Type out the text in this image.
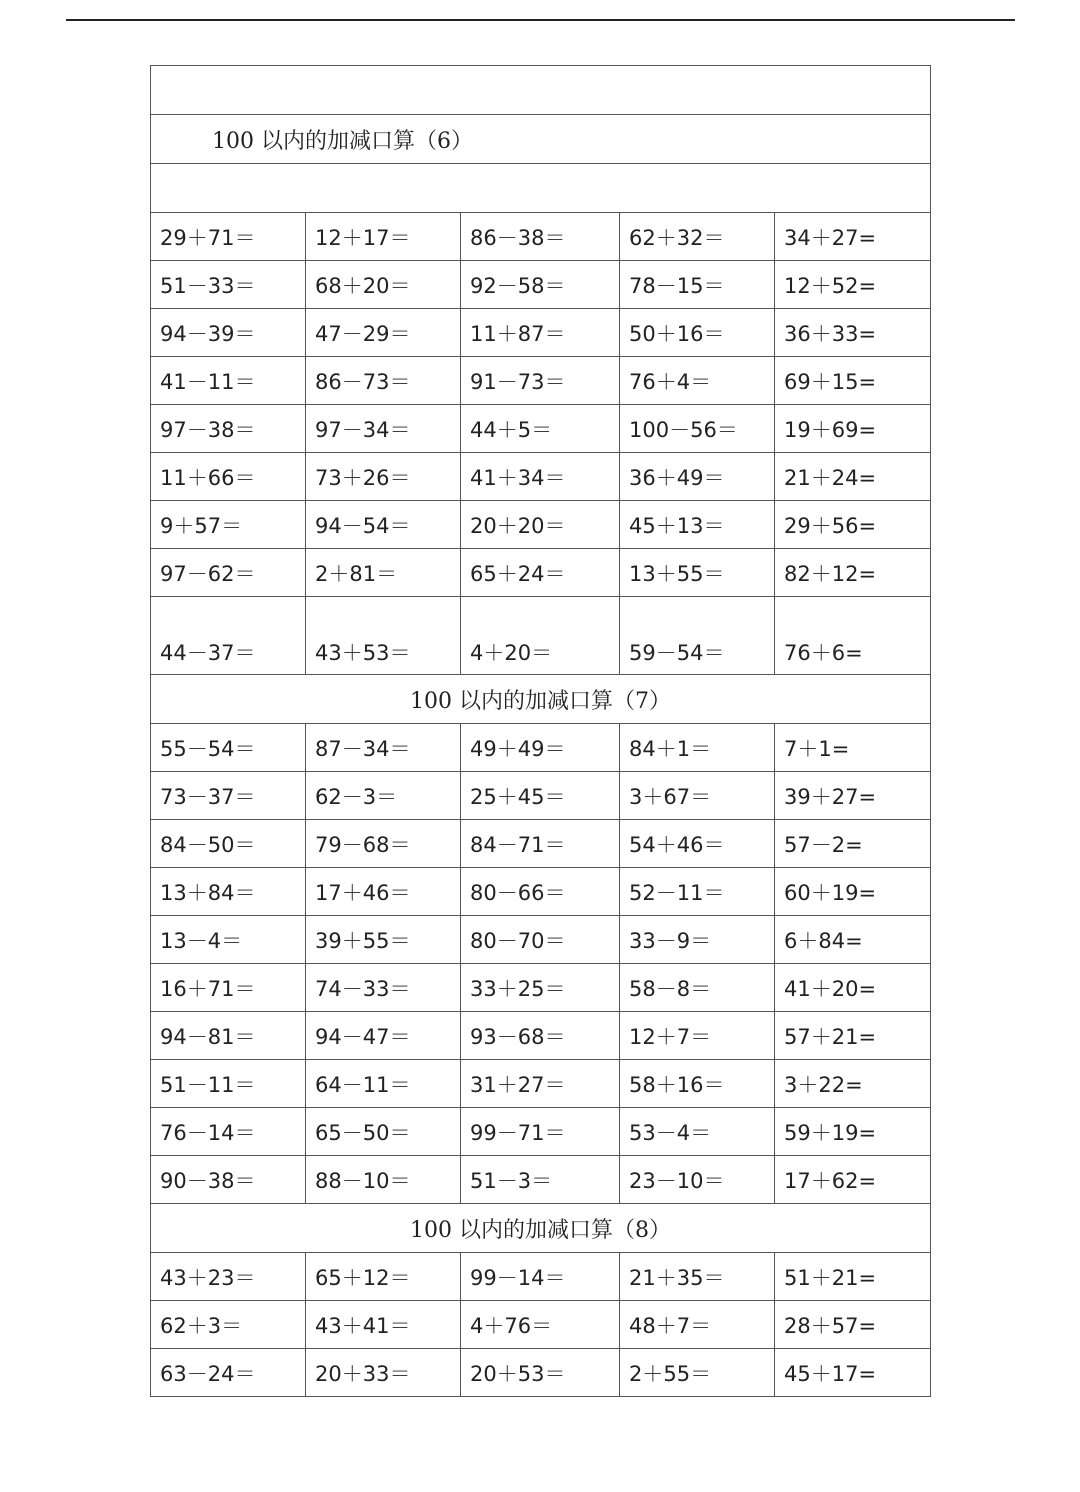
100 以内的加减口算（6）				

29＋71＝	12＋17＝	86－38＝	62＋32＝	34＋27=
51－33＝	68＋20＝	92－58＝	78－15＝	12＋52=
94－39＝	47－29＝	11＋87＝	50＋16＝	36＋33=
41－11＝	86－73＝	91－73＝	76＋4＝	69＋15=
97－38＝	97－34＝	44＋5＝	100－56＝	19＋69=
11＋66＝	73＋26＝	41＋34＝	36＋49＝	21＋24=
9＋57＝	94－54＝	20＋20＝	45＋13＝	29＋56=
97－62＝	2＋81＝	65＋24＝	13＋55＝	82＋12=
44－37＝	43＋53＝	4＋20＝	59－54＝	76＋6=
100 以内的加减口算（7）				
55－54＝	87－34＝	49＋49＝	84＋1＝	7＋1=
73－37＝	62－3＝	25＋45＝	3＋67＝	39＋27=
84－50＝	79－68＝	84－71＝	54＋46＝	57－2=
13＋84＝	17＋46＝	80－66＝	52－11＝	60＋19=
13－4＝	39＋55＝	80－70＝	33－9＝	6＋84=
16＋71＝	74－33＝	33＋25＝	58－8＝	41＋20=
94－81＝	94－47＝	93－68＝	12＋7＝	57＋21=
51－11＝	64－11＝	31＋27＝	58＋16＝	3＋22=
76－14＝	65－50＝	99－71＝	53－4＝	59＋19=
90－38＝	88－10＝	51－3＝	23－10＝	17＋62=
100 以内的加减口算（8）				
43＋23＝	65＋12＝	99－14＝	21＋35＝	51＋21=
62＋3＝	43＋41＝	4＋76＝	48＋7＝	28＋57=
63－24＝	20＋33＝	20＋53＝	2＋55＝	45＋17=
